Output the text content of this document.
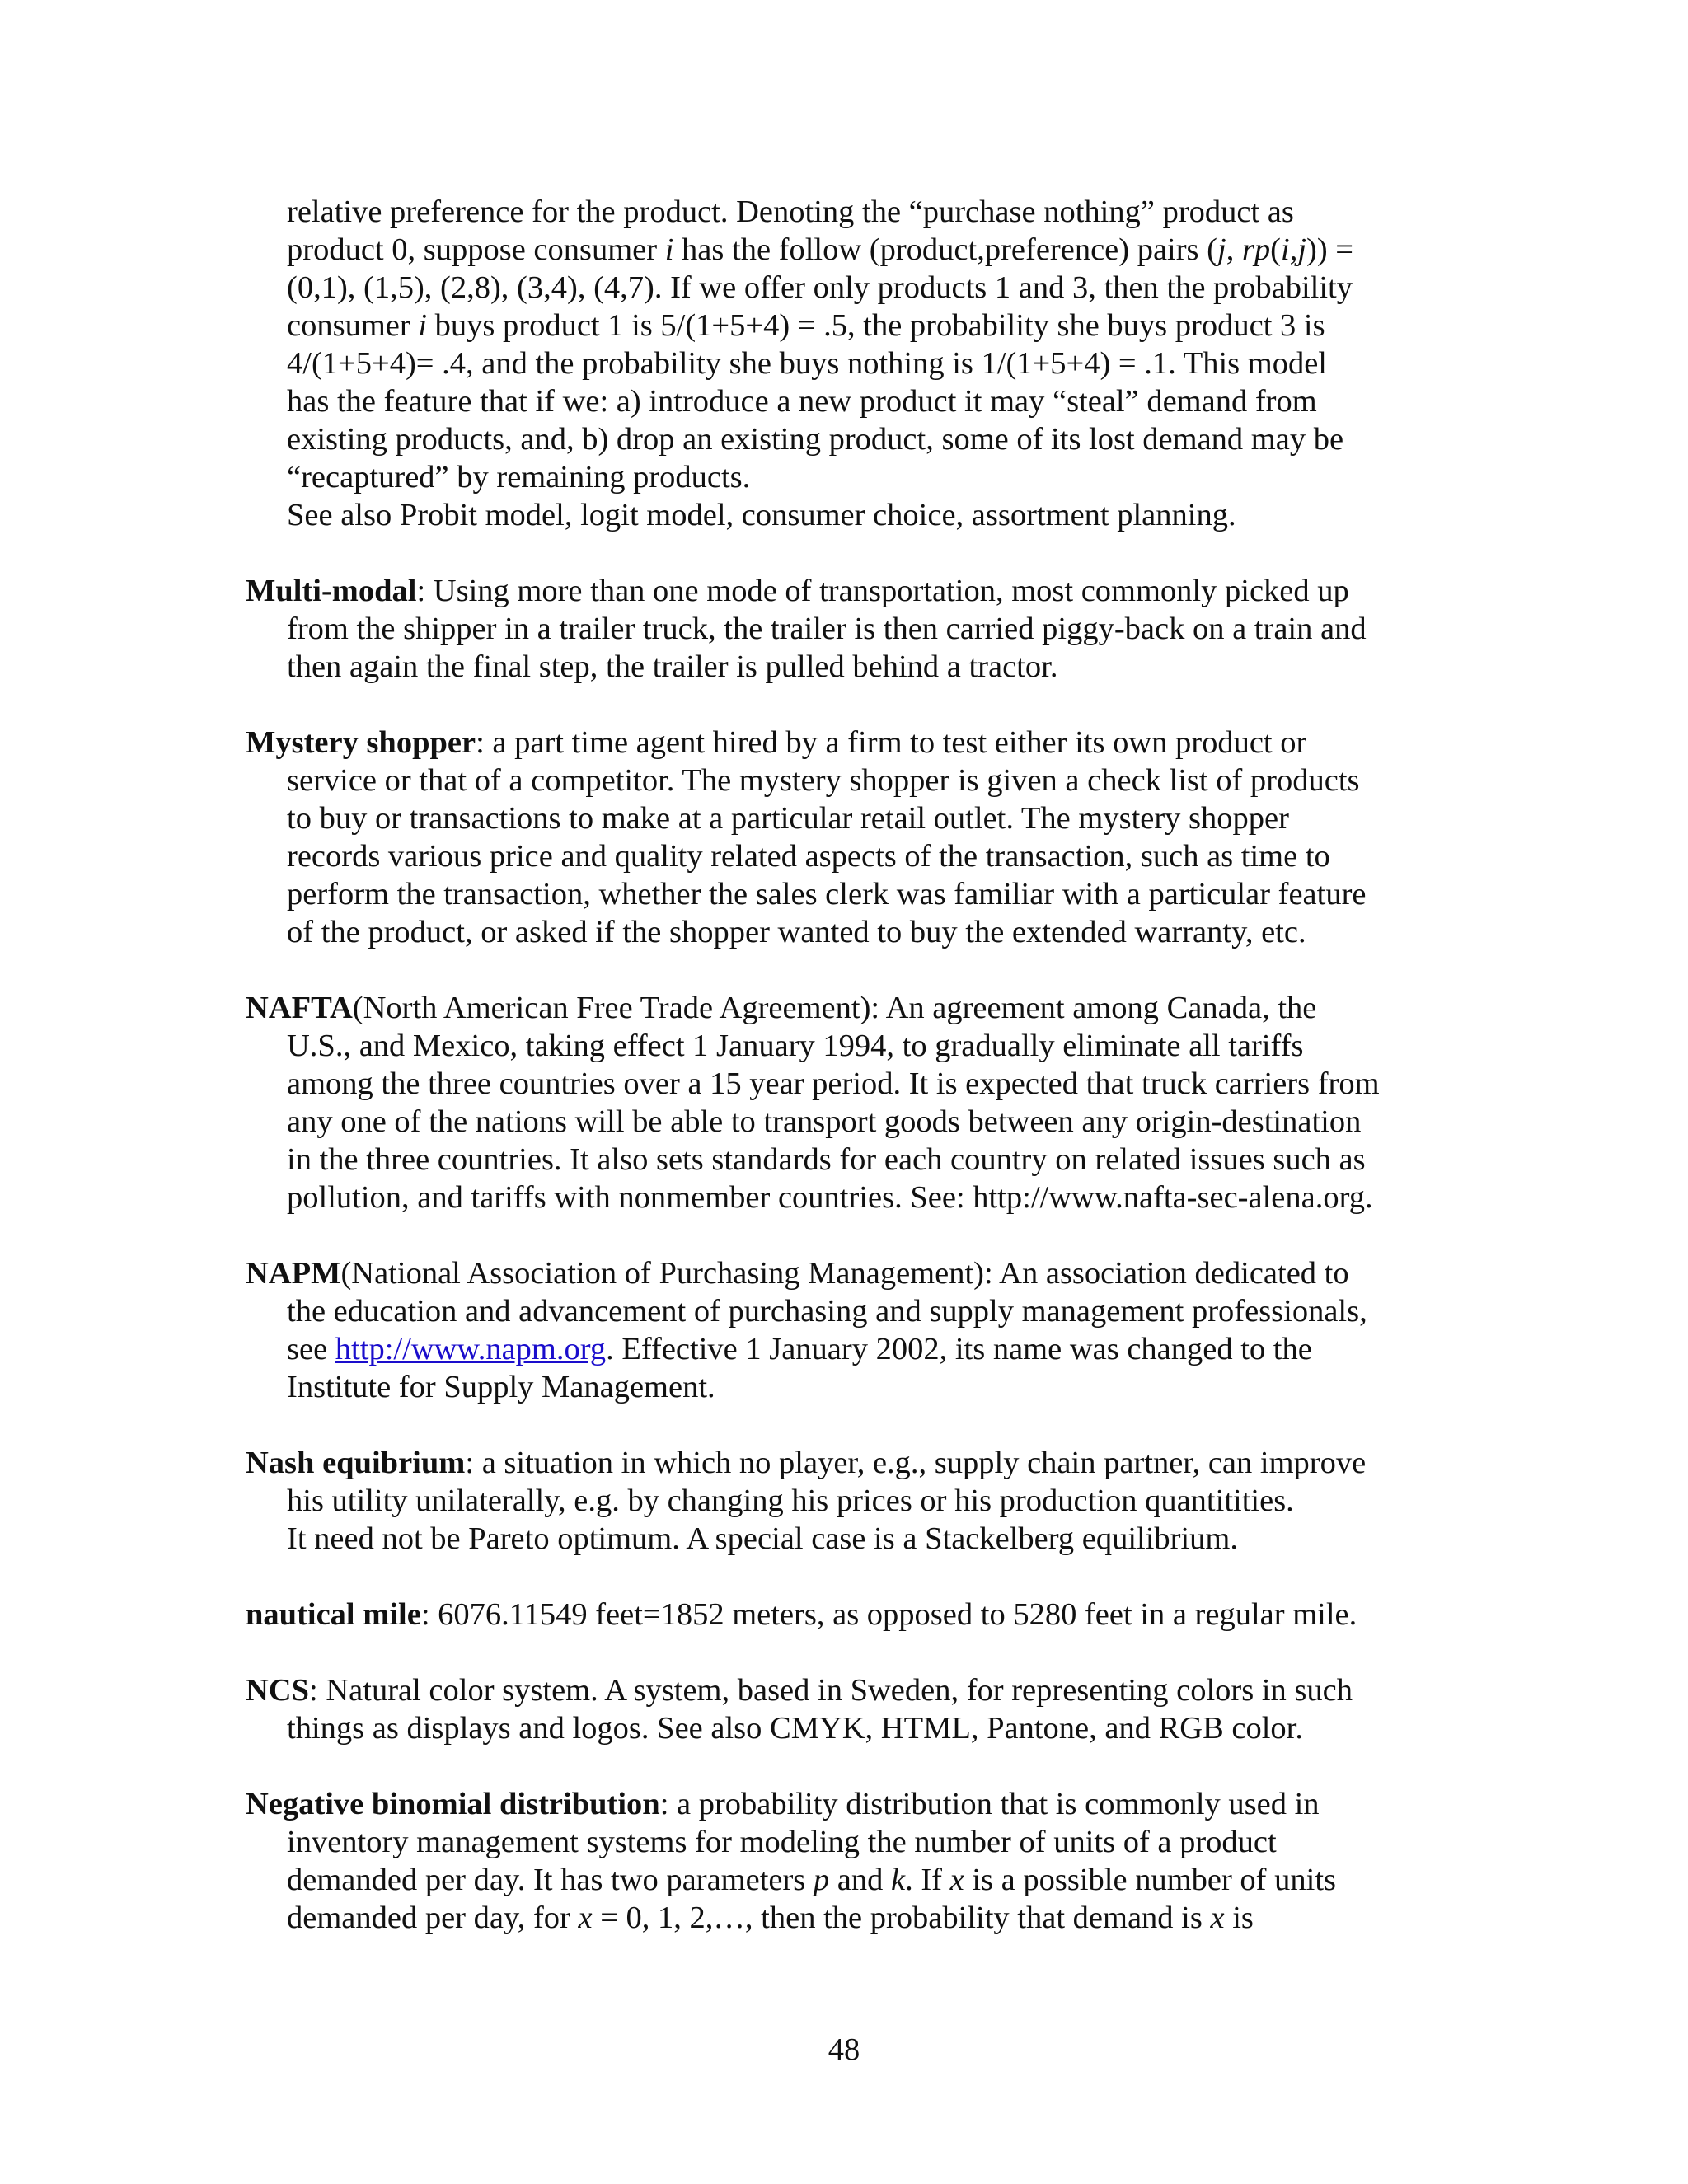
relative preference for the product. Denoting the “purchase nothing” product as
product 0, suppose consumer i has the follow (product,preference) pairs (j, rp(i,j)) =
(0,1), (1,5), (2,8), (3,4), (4,7). If we offer only products 1 and 3, then the probability
consumer i buys product 1 is 5/(1+5+4) = .5, the probability she buys product 3 is
4/(1+5+4)= .4, and the probability she buys nothing is 1/(1+5+4) = .1. This model
has the feature that if we: a) introduce a new product it may “steal” demand from
existing products, and, b) drop an existing product, some of its lost demand may be
“recaptured” by remaining products.
See also Probit model, logit model, consumer choice, assortment planning.
Multi-modal: Using more than one mode of transportation, most commonly picked up
from the shipper in a trailer truck, the trailer is then carried piggy-back on a train and
then again the final step, the trailer is pulled behind a tractor.
Mystery shopper: a part time agent hired by a firm to test either its own product or
service or that of a competitor. The mystery shopper is given a check list of products
to buy or transactions to make at a particular retail outlet. The mystery shopper
records various price and quality related aspects of the transaction, such as time to
perform the transaction, whether the sales clerk was familiar with a particular feature
of the product, or asked if the shopper wanted to buy the extended warranty, etc.
NAFTA(North American Free Trade Agreement): An agreement among Canada, the
U.S., and Mexico, taking effect 1 January 1994, to gradually eliminate all tariffs
among the three countries over a 15 year period. It is expected that truck carriers from
any one of the nations will be able to transport goods between any origin-destination
in the three countries. It also sets standards for each country on related issues such as
pollution, and tariffs with nonmember countries. See: http://www.nafta-sec-alena.org.
NAPM(National Association of Purchasing Management): An association dedicated to
the education and advancement of purchasing and supply management professionals,
see http://www.napm.org. Effective 1 January 2002, its name was changed to the
Institute for Supply Management.
Nash equibrium: a situation in which no player, e.g., supply chain partner, can improve
his utility unilaterally, e.g. by changing his prices or his production quantitities.
It need not be Pareto optimum. A special case is a Stackelberg equilibrium.
nautical mile: 6076.11549 feet=1852 meters, as opposed to 5280 feet in a regular mile.
NCS: Natural color system. A system, based in Sweden, for representing colors in such
things as displays and logos. See also CMYK, HTML, Pantone, and RGB color.
Negative binomial distribution: a probability distribution that is commonly used in
inventory management systems for modeling the number of units of a product
demanded per day. It has two parameters p and k. If x is a possible number of units
demanded per day, for x = 0, 1, 2,…, then the probability that demand is x is
48
